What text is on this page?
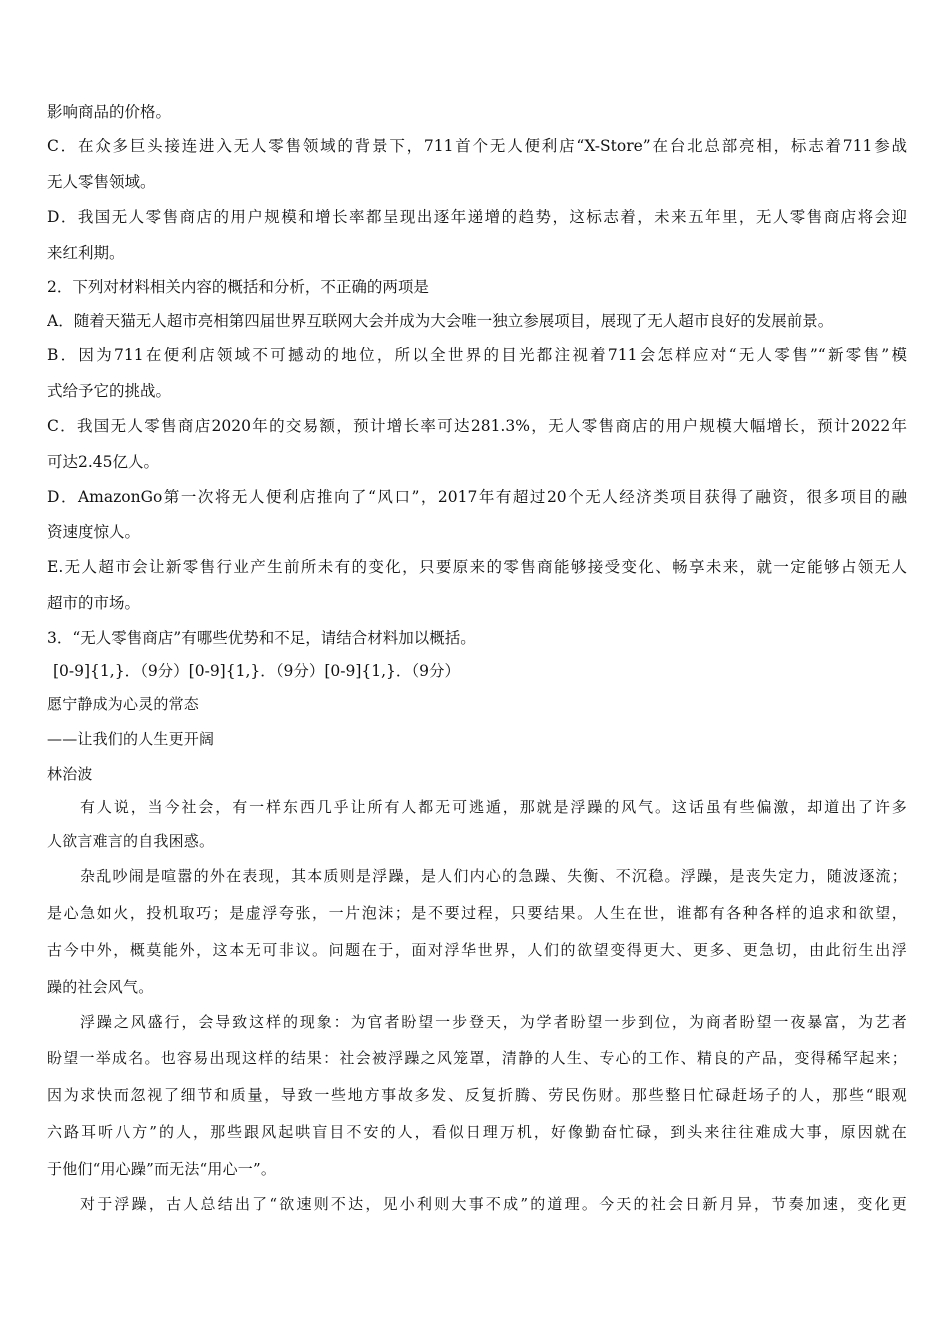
影响商品的价格。
C．在众多巨头接连进入无人零售领域的背景下，711首个无人便利店“X-Store”在台北总部亮相，标志着711参战
无人零售领域。
D．我国无人零售商店的用户规模和增长率都呈现出逐年递增的趋势，这标志着，未来五年里，无人零售商店将会迎
来红利期。
2．下列对材料相关内容的概括和分析，不正确的两项是
A．随着天猫无人超市亮相第四届世界互联网大会并成为大会唯一独立参展项目，展现了无人超市良好的发展前景。
B．因为711在便利店领域不可撼动的地位，所以全世界的目光都注视着711会怎样应对“无人零售”“新零售”模
式给予它的挑战。
C．我国无人零售商店2020年的交易额，预计增长率可达281.3%，无人零售商店的用户规模大幅增长，预计2022年
可达2.45亿人。
D．AmazonGo第一次将无人便利店推向了“风口”，2017年有超过20个无人经济类项目获得了融资，很多项目的融
资速度惊人。
E.无人超市会让新零售行业产生前所未有的变化，只要原来的零售商能够接受变化、畅享未来，就一定能够占领无人
超市的市场。
3．“无人零售商店”有哪些优势和不足，请结合材料加以概括。
[0-9]{1,}．（9分）[0-9]{1,}．（9分）[0-9]{1,}．（9分）
愿宁静成为心灵的常态
——让我们的人生更开阔
林治波
有人说，当今社会，有一样东西几乎让所有人都无可逃遁，那就是浮躁的风气。这话虽有些偏激，却道出了许多
人欲言难言的自我困惑。
杂乱吵闹是喧嚣的外在表现，其本质则是浮躁，是人们内心的急躁、失衡、不沉稳。浮躁，是丧失定力，随波逐流；
是心急如火，投机取巧；是虚浮夸张，一片泡沫；是不要过程，只要结果。人生在世，谁都有各种各样的追求和欲望，
古今中外，概莫能外，这本无可非议。问题在于，面对浮华世界，人们的欲望变得更大、更多、更急切，由此衍生出浮
躁的社会风气。
浮躁之风盛行，会导致这样的现象：为官者盼望一步登天，为学者盼望一步到位，为商者盼望一夜暴富，为艺者
盼望一举成名。也容易出现这样的结果：社会被浮躁之风笼罩，清静的人生、专心的工作、精良的产品，变得稀罕起来；
因为求快而忽视了细节和质量，导致一些地方事故多发、反复折腾、劳民伤财。那些整日忙碌赶场子的人，那些“眼观
六路耳听八方”的人，那些跟风起哄盲目不安的人，看似日理万机，好像勤奋忙碌，到头来往往难成大事，原因就在
于他们“用心躁”而无法“用心一”。
对于浮躁，古人总结出了“欲速则不达，见小利则大事不成”的道理。今天的社会日新月异，节奏加速，变化更
